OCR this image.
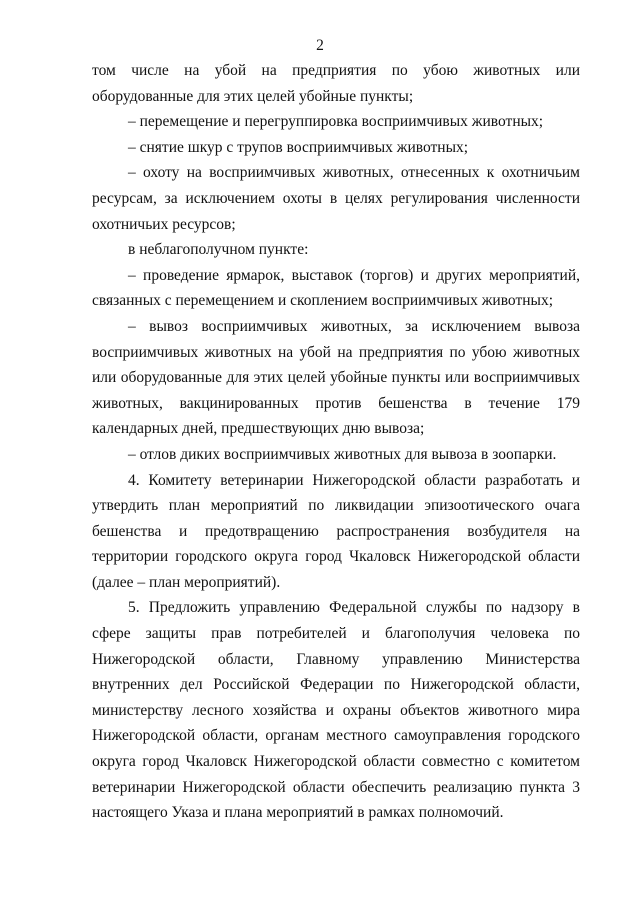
2

том числе на убой на предприятия по убою животных или оборудованные для этих целей убойные пункты;

– перемещение и перегруппировка восприимчивых животных;

– снятие шкур с трупов восприимчивых животных;

– охоту на восприимчивых животных, отнесенных к охотничьим ресурсам, за исключением охоты в целях регулирования численности охотничьих ресурсов;

в неблагополучном пункте:

– проведение ярмарок, выставок (торгов) и других мероприятий, связанных с перемещением и скоплением восприимчивых животных;

– вывоз восприимчивых животных, за исключением вывоза восприимчивых животных на убой на предприятия по убою животных или оборудованные для этих целей убойные пункты или восприимчивых животных, вакцинированных против бешенства в течение 179 календарных дней, предшествующих дню вывоза;

– отлов диких восприимчивых животных для вывоза в зоопарки.

4. Комитету ветеринарии Нижегородской области разработать и утвердить план мероприятий по ликвидации эпизоотического очага бешенства и предотвращению распространения возбудителя на территории городского округа город Чкаловск Нижегородской области (далее – план мероприятий).

5. Предложить управлению Федеральной службы по надзору в сфере защиты прав потребителей и благополучия человека по Нижегородской области, Главному управлению Министерства внутренних дел Российской Федерации по Нижегородской области, министерству лесного хозяйства и охраны объектов животного мира Нижегородской области, органам местного самоуправления городского округа город Чкаловск Нижегородской области совместно с комитетом ветеринарии Нижегородской области обеспечить реализацию пункта 3 настоящего Указа и плана мероприятий в рамках полномочий.
